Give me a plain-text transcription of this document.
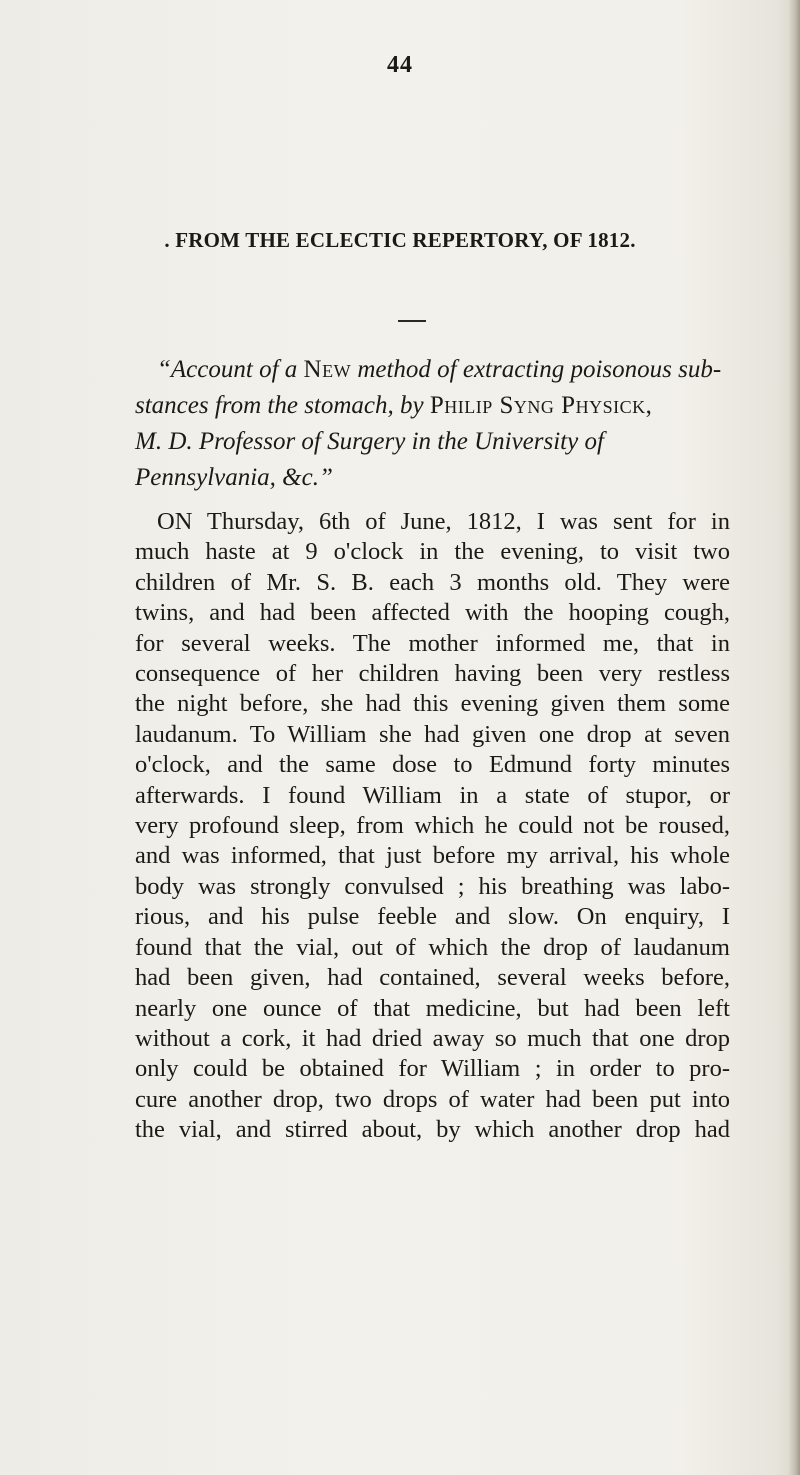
44
. FROM THE ECLECTIC REPERTORY, OF 1812.
“Account of a New method of extracting poisonous sub-
stances from the stomach, by Philip Syng Physick,
M. D. Professor of Surgery in the University of
Pennsylvania, &c.”
ON Thursday, 6th of June, 1812, I was sent for in
much haste at 9 o'clock in the evening, to visit two
children of Mr. S. B. each 3 months old. They were
twins, and had been affected with the hooping cough,
for several weeks. The mother informed me, that in
consequence of her children having been very restless
the night before, she had this evening given them some
laudanum. To William she had given one drop at seven
o'clock, and the same dose to Edmund forty minutes
afterwards. I found William in a state of stupor, or
very profound sleep, from which he could not be roused,
and was informed, that just before my arrival, his whole
body was strongly convulsed ; his breathing was labo-
rious, and his pulse feeble and slow. On enquiry, I
found that the vial, out of which the drop of laudanum
had been given, had contained, several weeks before,
nearly one ounce of that medicine, but had been left
without a cork, it had dried away so much that one drop
only could be obtained for William ; in order to pro-
cure another drop, two drops of water had been put into
the vial, and stirred about, by which another drop had
